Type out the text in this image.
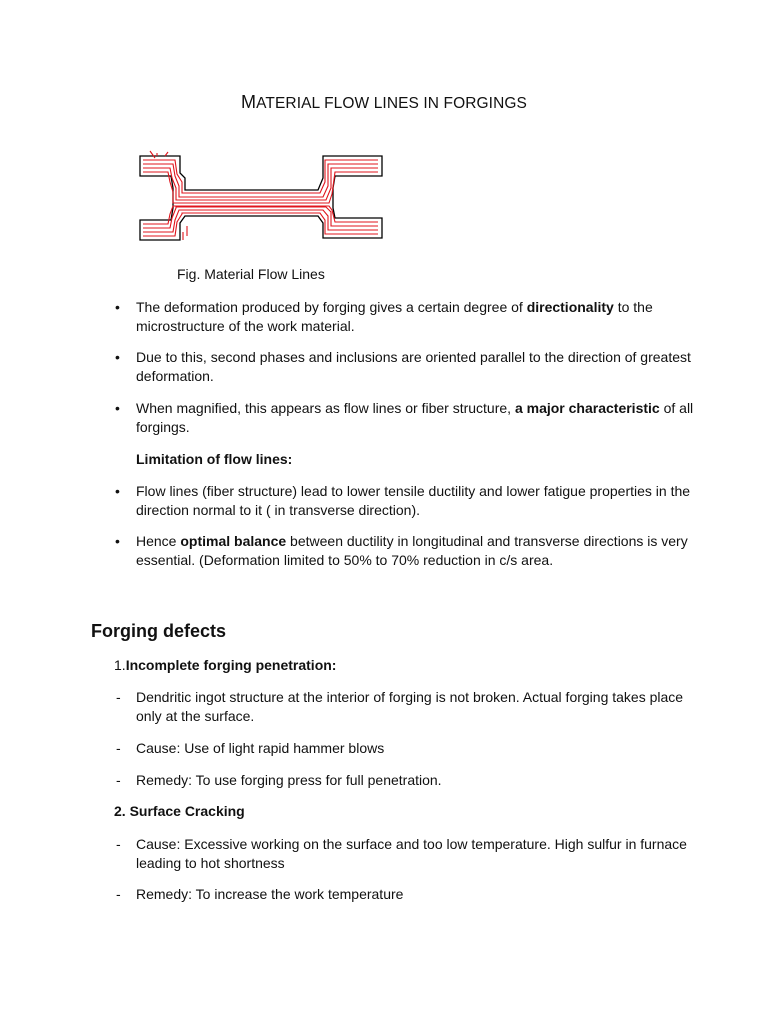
MATERIAL FLOW LINES IN FORGINGS
Fig. Material Flow Lines
• The deformation produced by forging gives a certain degree of directionality to the microstructure of the work material.
• Due to this, second phases and inclusions are oriented parallel to the direction of greatest deformation.
• When magnified, this appears as flow lines or fiber structure, a major characteristic of all forgings.
Limitation of flow lines:
• Flow lines (fiber structure) lead to lower tensile ductility and lower fatigue properties in the direction normal to it ( in transverse direction).
• Hence optimal balance between ductility in longitudinal and transverse directions is very essential. (Deformation limited to 50% to 70% reduction in c/s area.
Forging defects
1.Incomplete forging penetration:
- Dendritic ingot structure at the interior of forging is not broken. Actual forging takes place only at the surface.
- Cause: Use of light rapid hammer blows
- Remedy: To use forging press for full penetration.
2. Surface Cracking
- Cause: Excessive working on the surface and too low temperature. High sulfur in furnace leading to hot shortness
- Remedy: To increase the work temperature
